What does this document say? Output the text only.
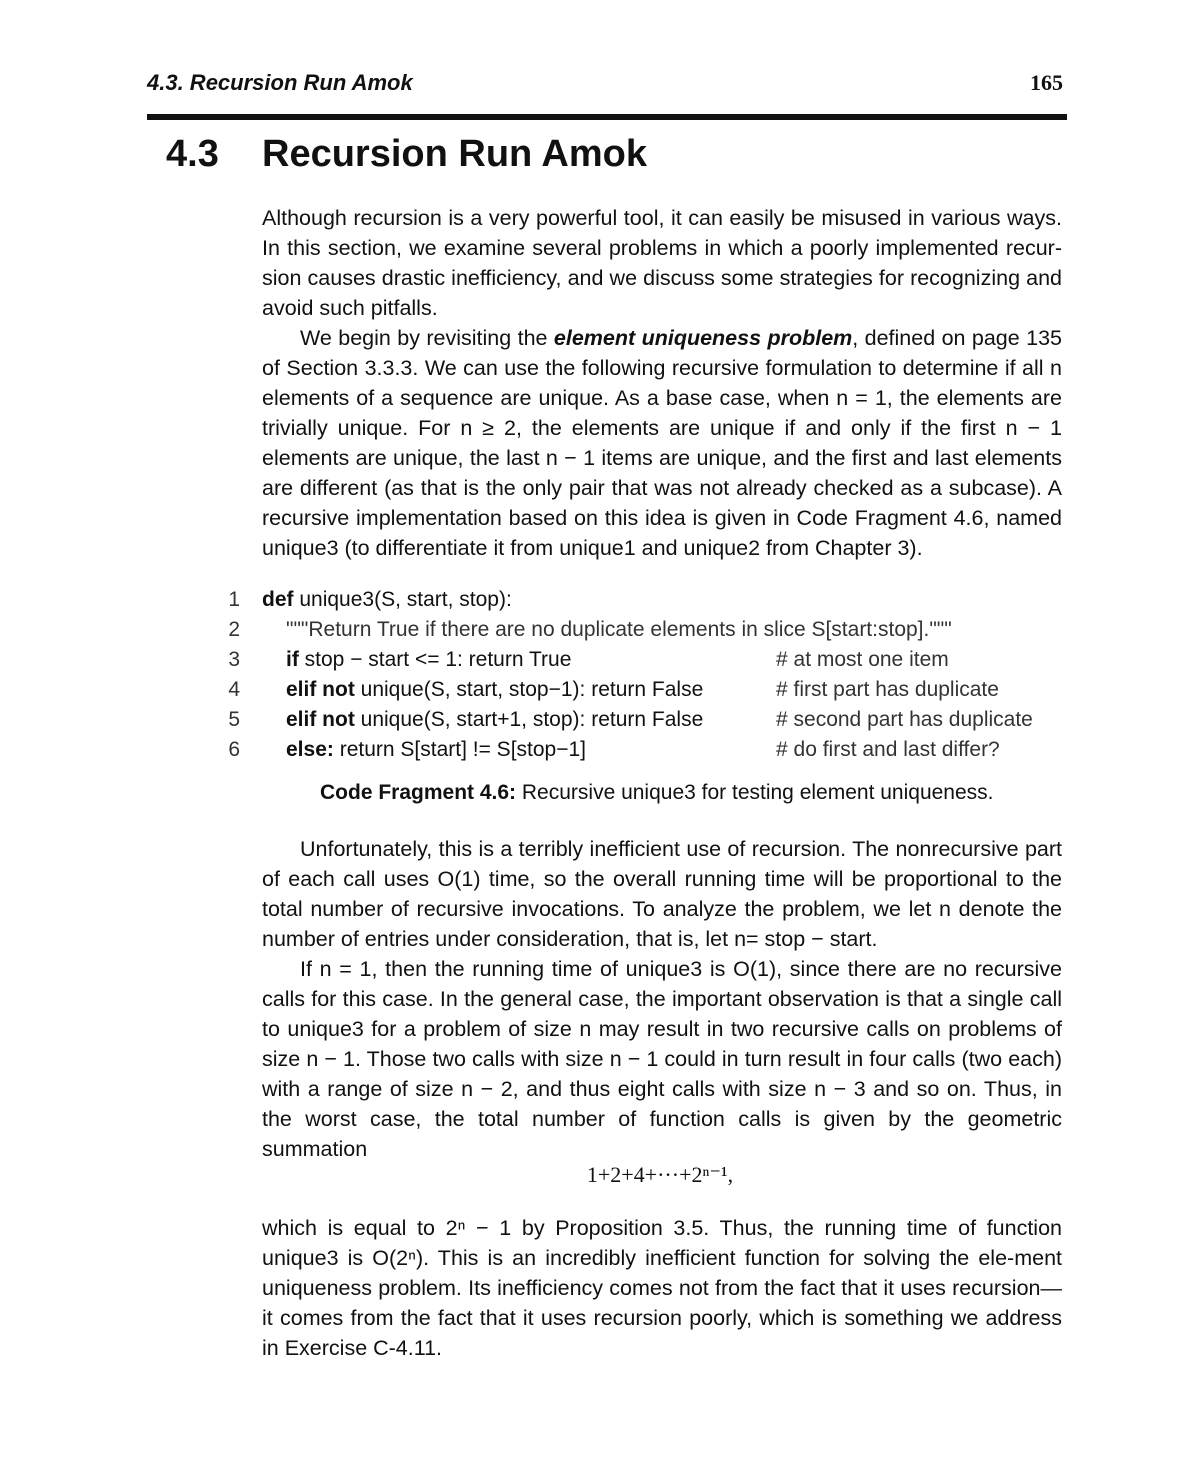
4.3. Recursion Run Amok	165
4.3 Recursion Run Amok
Although recursion is a very powerful tool, it can easily be misused in various ways. In this section, we examine several problems in which a poorly implemented recur-sion causes drastic inefficiency, and we discuss some strategies for recognizing and avoid such pitfalls.
We begin by revisiting the element uniqueness problem, defined on page 135 of Section 3.3.3. We can use the following recursive formulation to determine if all n elements of a sequence are unique. As a base case, when n = 1, the elements are trivially unique. For n ≥ 2, the elements are unique if and only if the first n − 1 elements are unique, the last n − 1 items are unique, and the first and last elements are different (as that is the only pair that was not already checked as a subcase). A recursive implementation based on this idea is given in Code Fragment 4.6, named unique3 (to differentiate it from unique1 and unique2 from Chapter 3).
1 def unique3(S, start, stop):
2 """Return True if there are no duplicate elements in slice S[start:stop]."""
3 if stop − start <= 1: return True	# at most one item
4 elif not unique(S, start, stop−1): return False	# first part has duplicate
5 elif not unique(S, start+1, stop): return False	# second part has duplicate
6 else: return S[start] != S[stop−1]	# do first and last differ?
Code Fragment 4.6: Recursive unique3 for testing element uniqueness.
Unfortunately, this is a terribly inefficient use of recursion. The nonrecursive part of each call uses O(1) time, so the overall running time will be proportional to the total number of recursive invocations. To analyze the problem, we let n denote the number of entries under consideration, that is, let n= stop − start.
If n = 1, then the running time of unique3 is O(1), since there are no recursive calls for this case. In the general case, the important observation is that a single call to unique3 for a problem of size n may result in two recursive calls on problems of size n − 1. Those two calls with size n − 1 could in turn result in four calls (two each) with a range of size n − 2, and thus eight calls with size n − 3 and so on. Thus, in the worst case, the total number of function calls is given by the geometric summation
1+2+4+···+2ⁿ⁻¹,
which is equal to 2ⁿ − 1 by Proposition 3.5. Thus, the running time of function unique3 is O(2ⁿ). This is an incredibly inefficient function for solving the ele-ment uniqueness problem. Its inefficiency comes not from the fact that it uses recursion—it comes from the fact that it uses recursion poorly, which is something we address in Exercise C-4.11.
